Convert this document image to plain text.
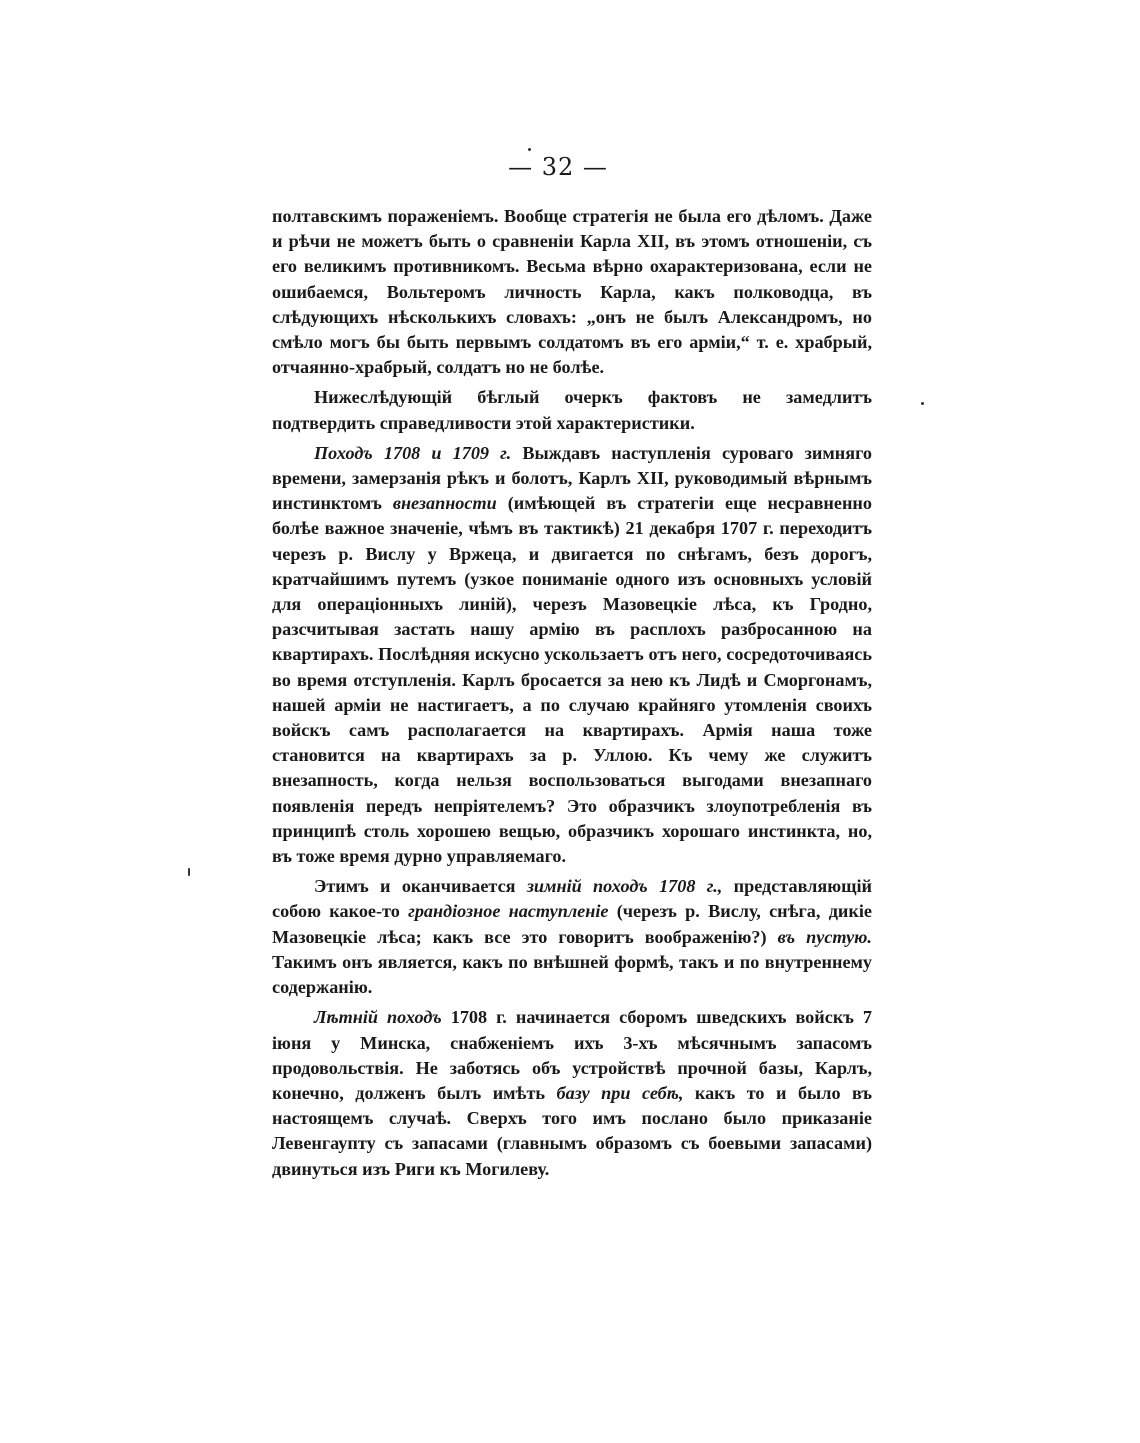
— 32 —

полтавскимъ пораженіемъ. Вообще стратегія не была его дѣломъ. Даже и рѣчи не можетъ быть о сравненіи Карла XII, въ этомъ отношеніи, съ его великимъ противникомъ. Весьма вѣрно охарактеризована, если не ошибаемся, Вольтеромъ личность Карла, какъ полководца, въ слѣдующихъ нѣсколькихъ словахъ: „онъ не былъ Александромъ, но смѣло могъ бы быть первымъ солдатомъ въ его арміи,“ т. е. храбрый, отчаянно-храбрый, солдатъ но не болѣе.

Нижеслѣдующій бѣглый очеркъ фактовъ не замедлитъ подтвердить справедливости этой характеристики.

Походъ 1708 и 1709 г. Выждавъ наступленія суроваго зимняго времени, замерзанія рѣкъ и болотъ, Карлъ XII, руководимый вѣрнымъ инстинктомъ внезапности (имѣющей въ стратегіи еще несравненно болѣе важное значеніе, чѣмъ въ тактикѣ) 21 декабря 1707 г. переходитъ черезъ р. Вислу у Вржеца, и двигается по снѣгамъ, безъ дорогъ, кратчайшимъ путемъ (узкое пониманіе одного изъ основныхъ условій для операціонныхъ линій), черезъ Мазовецкіе лѣса, къ Гродно, разсчитывая застать нашу армію въ расплохъ разбросанною на квартирахъ. Послѣдняя искусно ускользаетъ отъ него, сосредоточиваясь во время отступленія. Карлъ бросается за нею къ Лидѣ и Сморгонамъ, нашей арміи не настигаетъ, а по случаю крайняго утомленія своихъ войскъ самъ располагается на квартирахъ. Армія наша тоже становится на квартирахъ за р. Уллою. Къ чему же служитъ внезапность, когда нельзя воспользоваться выгодами внезапнаго появленія передъ непріятелемъ? Это образчикъ злоупотребленія въ принципѣ столь хорошею вещью, образчикъ хорошаго инстинкта, но, въ тоже время дурно управляемаго.

Этимъ и оканчивается зимній походъ 1708 г., представляющій собою какое-то грандіозное наступленіе (черезъ р. Вислу, снѣга, дикіе Мазовецкіе лѣса; какъ все это говоритъ воображенію?) въ пустую. Такимъ онъ является, какъ по внѣшней формѣ, такъ и по внутреннему содержанію.

Лѣтній походъ 1708 г. начинается сборомъ шведскихъ войскъ 7 іюня у Минска, снабженіемъ ихъ 3-хъ мѣсячнымъ запасомъ продовольствія. Не заботясь объ устройствѣ прочной базы, Карлъ, конечно, долженъ былъ имѣть базу при себѣ, какъ то и было въ настоящемъ случаѣ. Сверхъ того имъ послано было приказаніе Левенгаупту съ запасами (главнымъ образомъ съ боевыми запасами) двинуться изъ Риги къ Могилеву.
